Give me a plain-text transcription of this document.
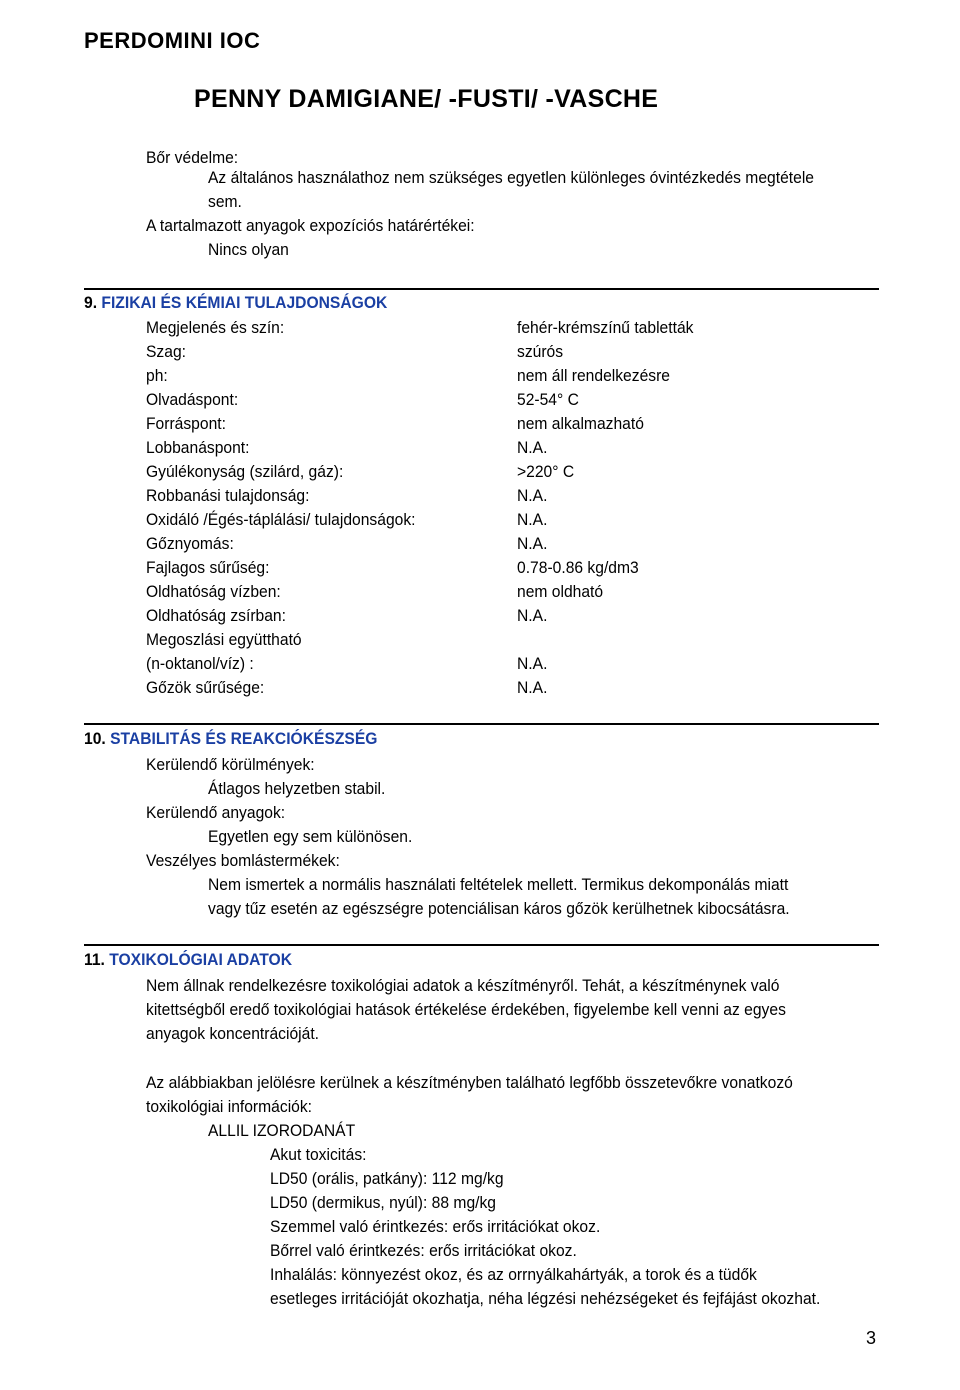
PERDOMINI IOC
PENNY DAMIGIANE/ -FUSTI/ -VASCHE
Bőr védelme:
Az általános használathoz nem szükséges egyetlen különleges óvintézkedés megtétele
sem.
A tartalmazott anyagok expozíciós határértékei:
Nincs olyan
9. FIZIKAI ÉS KÉMIAI TULAJDONSÁGOK
Megjelenés és szín:	fehér-krémszínű tabletták
Szag:	szúrós
ph:	nem áll rendelkezésre
Olvadáspont:	52-54° C
Forráspont:	nem alkalmazható
Lobbanáspont:	N.A.
Gyúlékonyság (szilárd, gáz):	>220° C
Robbanási tulajdonság:	N.A.
Oxidáló /Égés-táplálási/ tulajdonságok:	N.A.
Gőznyomás:	N.A.
Fajlagos sűrűség:	0.78-0.86 kg/dm3
Oldhatóság vízben:	nem oldható
Oldhatóság zsírban:	N.A.
Megoszlási együttható
(n-oktanol/víz) :	N.A.
Gőzök sűrűsége:	N.A.
10. STABILITÁS ÉS REAKCIÓKÉSZSÉG
Kerülendő körülmények:
Átlagos helyzetben stabil.
Kerülendő anyagok:
Egyetlen egy sem különösen.
Veszélyes bomlástermékek:
Nem ismertek a normális használati feltételek mellett. Termikus dekomponálás miatt
vagy tűz esetén az egészségre potenciálisan káros gőzök kerülhetnek kibocsátásra.
11. TOXIKOLÓGIAI ADATOK
Nem állnak rendelkezésre toxikológiai adatok a készítményről. Tehát, a készítménynek való
kitettségből eredő toxikológiai hatások értékelése érdekében, figyelembe kell venni az egyes
anyagok koncentrációját.
Az alábbiakban jelölésre kerülnek a készítményben található legfőbb összetevőkre vonatkozó
toxikológiai információk:
ALLIL IZORODANÁT
Akut toxicitás:
LD50 (orális, patkány): 112 mg/kg
LD50 (dermikus, nyúl): 88 mg/kg
Szemmel való érintkezés: erős irritációkat okoz.
Bőrrel való érintkezés: erős irritációkat okoz.
Inhalálás: könnyezést okoz, és az orrnyálkahártyák, a torok és a tüdők
esetleges irritációját okozhatja, néha légzési nehézségeket és fejfájást okozhat.
3
